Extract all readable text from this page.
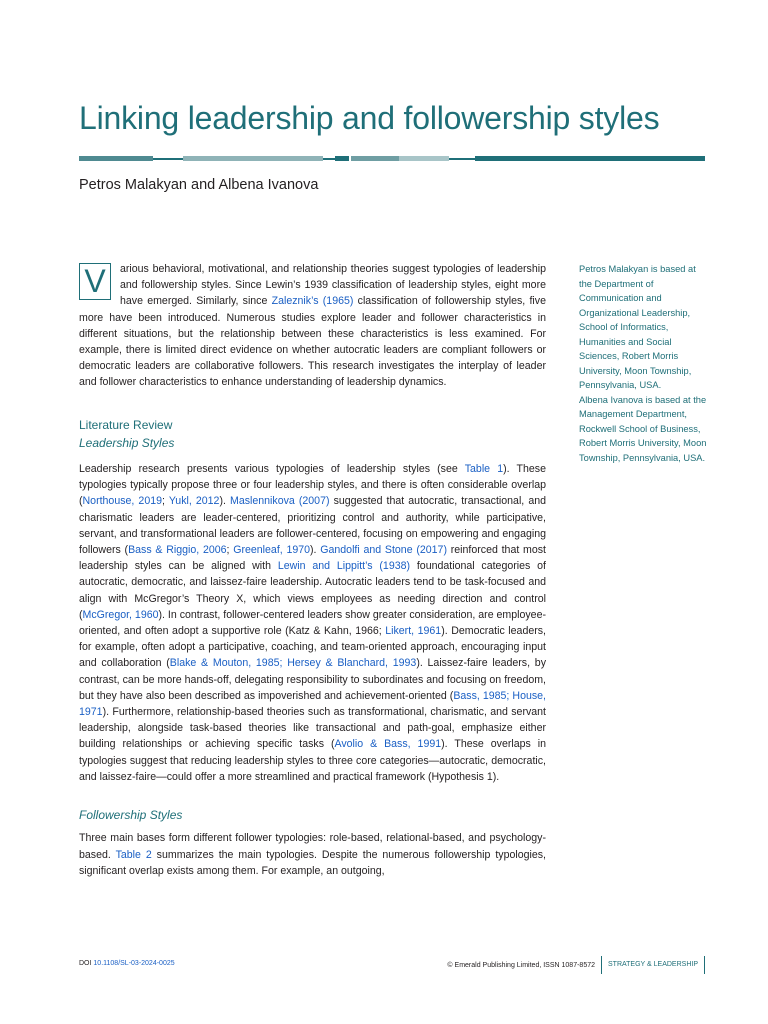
Linking leadership and followership styles

Petros Malakyan and Albena Ivanova

V	arious behavioral, motivational, and relationship theories suggest typologies of leadership and followership styles. Since Lewin’s 1939 classification of leadership styles, eight more have emerged. Similarly, since Zaleznik’s (1965) classification of followership styles, five more have been introduced. Numerous studies explore leader and follower characteristics in different situations, but the relationship between these characteristics is less examined. For example, there is limited direct evidence on whether autocratic leaders are compliant followers or democratic leaders are collaborative followers. This research investigates the interplay of leader and follower characteristics to enhance understanding of leadership dynamics.

Literature Review
Leadership Styles

Leadership research presents various typologies of leadership styles (see Table 1). These typologies typically propose three or four leadership styles, and there is often considerable overlap (Northouse, 2019; Yukl, 2012). Maslennikova (2007) suggested that autocratic, transactional, and charismatic leaders are leader-centered, prioritizing control and authority, while participative, servant, and transformational leaders are follower-centered, focusing on empowering and engaging followers (Bass & Riggio, 2006; Greenleaf, 1970). Gandolfi and Stone (2017) reinforced that most leadership styles can be aligned with Lewin and Lippitt’s (1938) foundational categories of autocratic, democratic, and laissez-faire leadership. Autocratic leaders tend to be task-focused and align with McGregor’s Theory X, which views employees as needing direction and control (McGregor, 1960). In contrast, follower-centered leaders show greater consideration, are employee-oriented, and often adopt a supportive role (Katz & Kahn, 1966; Likert, 1961). Democratic leaders, for example, often adopt a participative, coaching, and team-oriented approach, encouraging input and collaboration (Blake & Mouton, 1985; Hersey & Blanchard, 1993). Laissez-faire leaders, by contrast, can be more hands-off, delegating responsibility to subordinates and focusing on freedom, but they have also been described as impoverished and achievement-oriented (Bass, 1985; House, 1971). Furthermore, relationship-based theories such as transformational, charismatic, and servant leadership, alongside task-based theories like transactional and path-goal, emphasize either building relationships or achieving specific tasks (Avolio & Bass, 1991). These overlaps in typologies suggest that reducing leadership styles to three core categories—autocratic, democratic, and laissez-faire—could offer a more streamlined and practical framework (Hypothesis 1).

Followership Styles

Three main bases form different follower typologies: role-based, relational-based, and psychology-based. Table 2 summarizes the main typologies. Despite the numerous followership typologies, significant overlap exists among them. For example, an outgoing,

Petros Malakyan is based at the Department of Communication and Organizational Leadership, School of Informatics, Humanities and Social Sciences, Robert Morris University, Moon Township, Pennsylvania, USA.

Albena Ivanova is based at the Management Department, Rockwell School of Business, Robert Morris University, Moon Township, Pennsylvania, USA.

DOI 10.1108/SL-03-2024-0025	© Emerald Publishing Limited, ISSN 1087-8572	STRATEGY & LEADERSHIP
